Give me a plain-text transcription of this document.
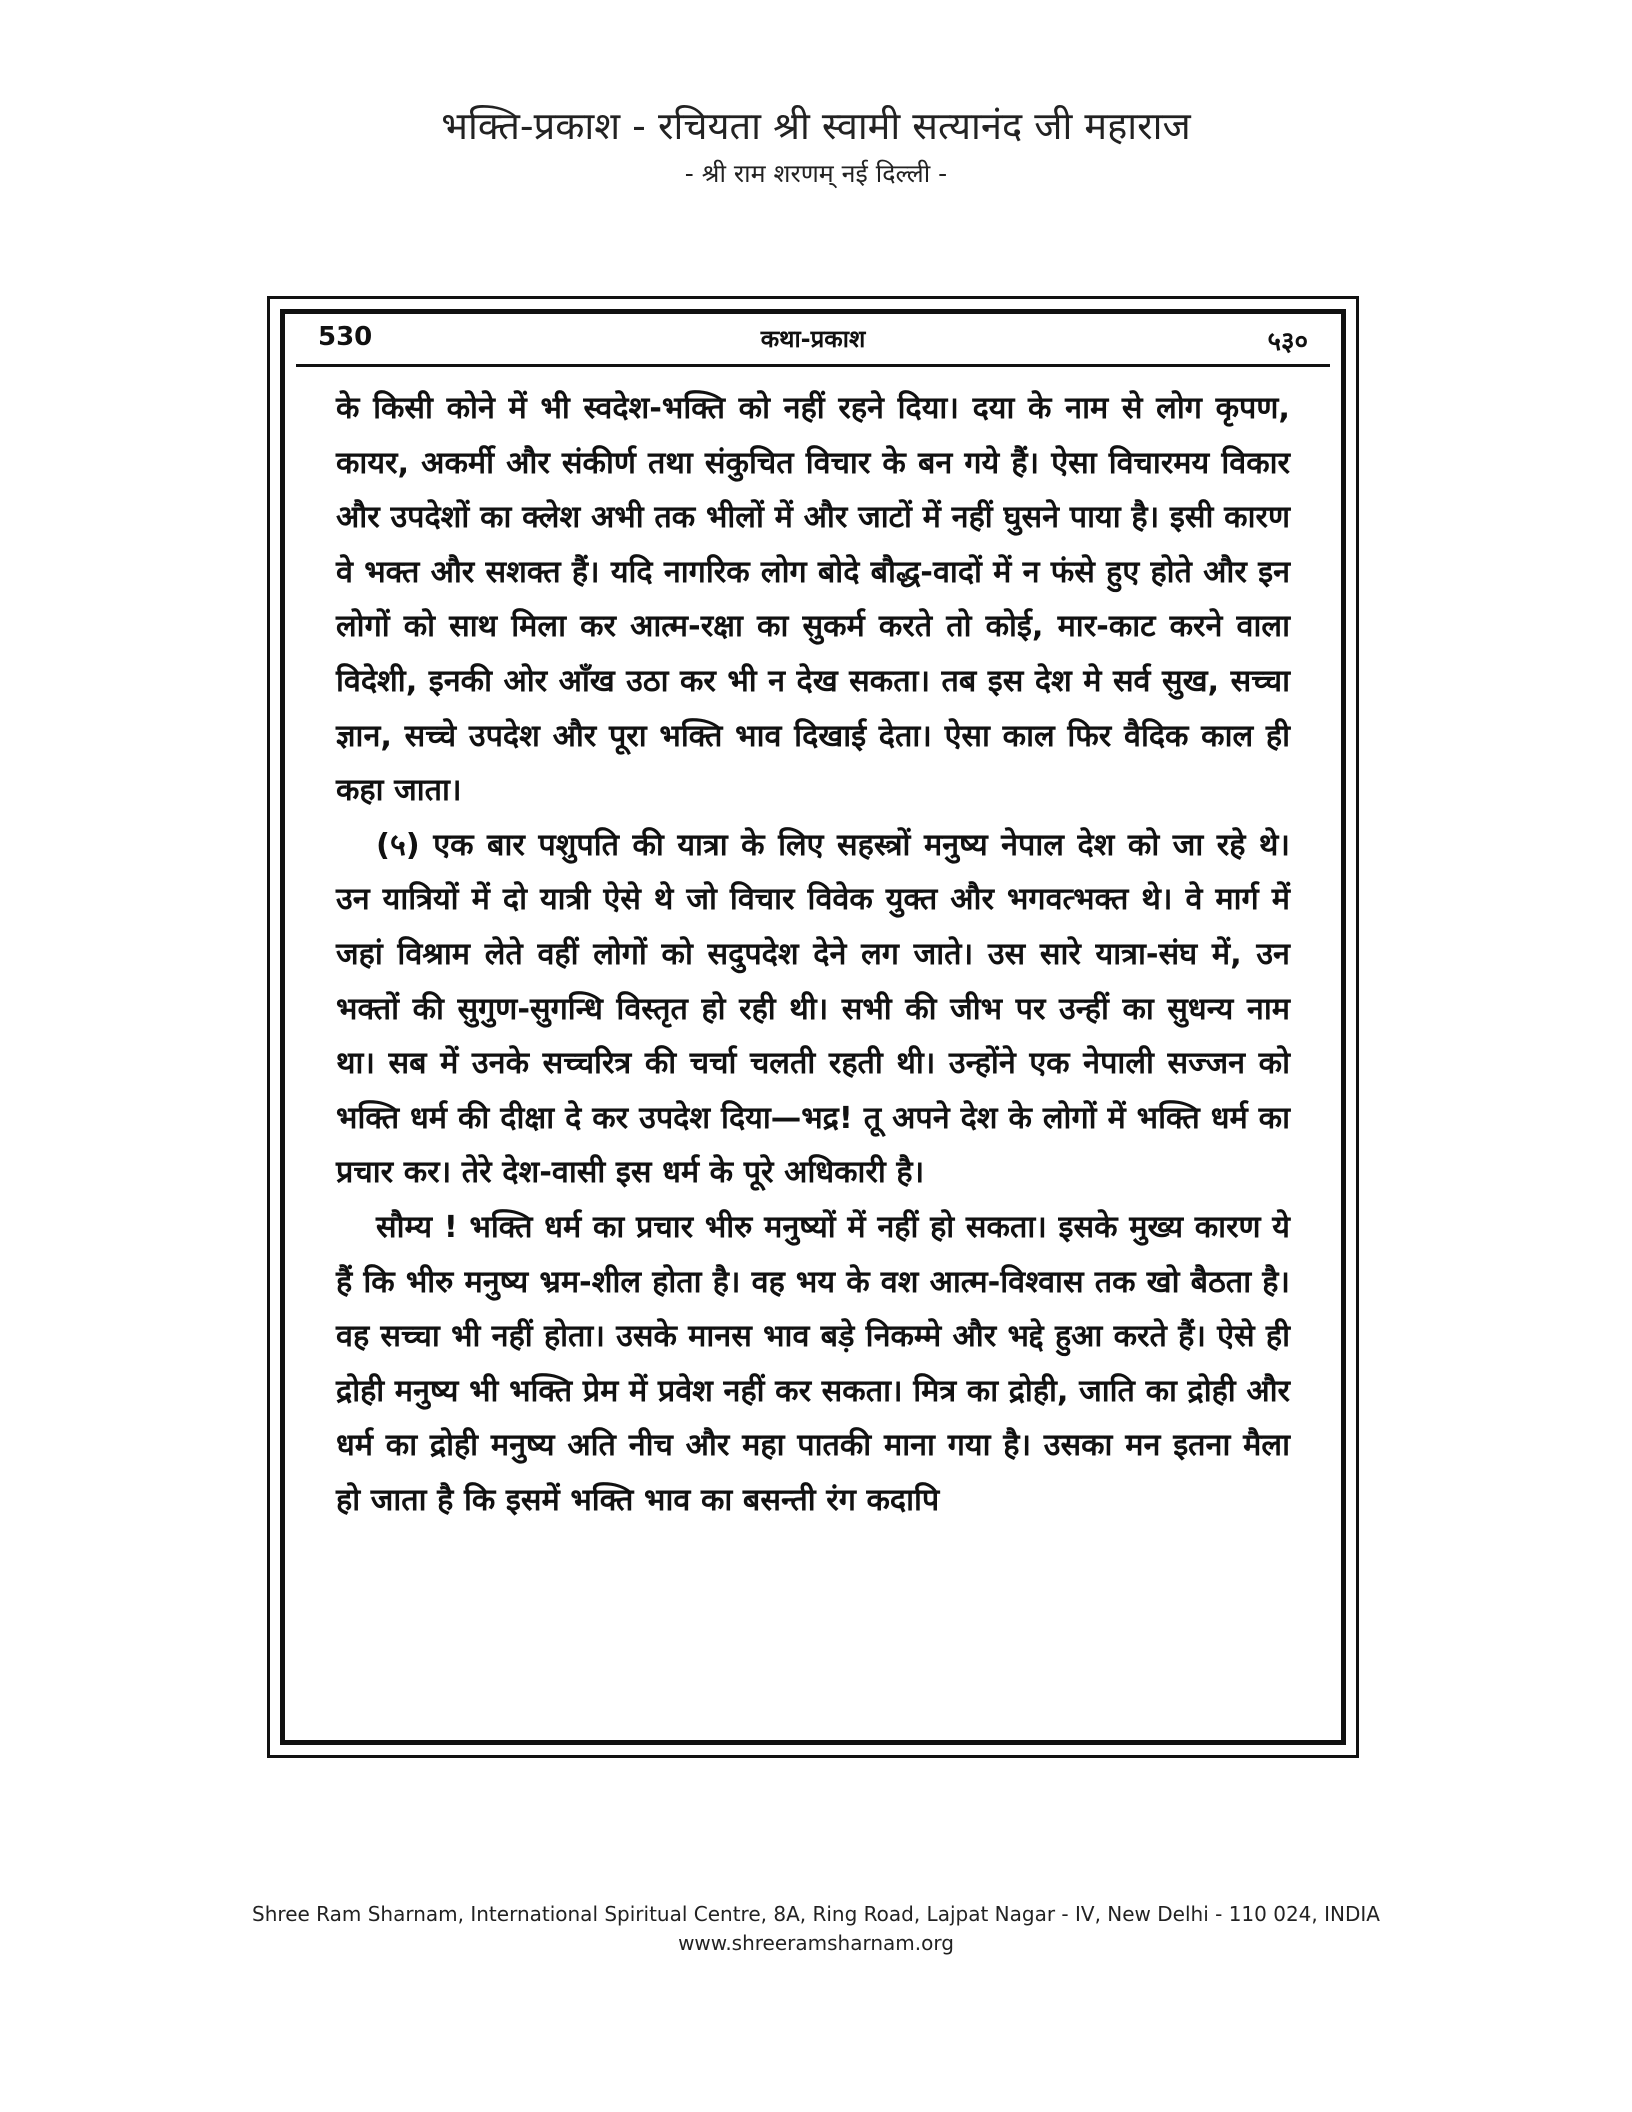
भक्ति-प्रकाश - रचियता श्री स्वामी सत्यानंद जी महाराज
- श्री राम शरणम् नई दिल्ली -
530	कथा-प्रकाश	५३०

के किसी कोने में भी स्वदेश-भक्ति को नहीं रहने दिया। दया के नाम से लोग कृपण, कायर, अकर्मी और संकीर्ण तथा संकुचित विचार के बन गये हैं। ऐसा विचारमय विकार और उपदेशों का क्लेश अभी तक भीलों में और जाटों में नहीं घुसने पाया है। इसी कारण वे भक्त और सशक्त हैं। यदि नागरिक लोग बोदे बौद्ध-वादों में न फंसे हुए होते और इन लोगों को साथ मिला कर आत्म-रक्षा का सुकर्म करते तो कोई, मार-काट करने वाला विदेशी, इनकी ओर आँख उठा कर भी न देख सकता। तब इस देश मे सर्व सुख, सच्चा ज्ञान, सच्चे उपदेश और पूरा भक्ति भाव दिखाई देता। ऐसा काल फिर वैदिक काल ही कहा जाता।

(५) एक बार पशुपति की यात्रा के लिए सहस्त्रों मनुष्य नेपाल देश को जा रहे थे। उन यात्रियों में दो यात्री ऐसे थे जो विचार विवेक युक्त और भगवत्भक्त थे। वे मार्ग में जहां विश्राम लेते वहीं लोगों को सदुपदेश देने लग जाते। उस सारे यात्रा-संघ में, उन भक्तों की सुगुण-सुगन्धि विस्तृत हो रही थी। सभी की जीभ पर उन्हीं का सुधन्य नाम था। सब में उनके सच्चरित्र की चर्चा चलती रहती थी। उन्होंने एक नेपाली सज्जन को भक्ति धर्म की दीक्षा दे कर उपदेश दिया—भद्र! तू अपने देश के लोगों में भक्ति धर्म का प्रचार कर। तेरे देश-वासी इस धर्म के पूरे अधिकारी है।

सौम्य ! भक्ति धर्म का प्रचार भीरु मनुष्यों में नहीं हो सकता। इसके मुख्य कारण ये हैं कि भीरु मनुष्य भ्रम-शील होता है। वह भय के वश आत्म-विश्वास तक खो बैठता है। वह सच्चा भी नहीं होता। उसके मानस भाव बड़े निकम्मे और भद्दे हुआ करते हैं। ऐसे ही द्रोही मनुष्य भी भक्ति प्रेम में प्रवेश नहीं कर सकता। मित्र का द्रोही, जाति का द्रोही और धर्म का द्रोही मनुष्य अति नीच और महा पातकी माना गया है। उसका मन इतना मैला हो जाता है कि इसमें भक्ति भाव का बसन्ती रंग कदापि

Shree Ram Sharnam, International Spiritual Centre, 8A, Ring Road, Lajpat Nagar - IV, New Delhi - 110 024, INDIA
www.shreeramsharnam.org
